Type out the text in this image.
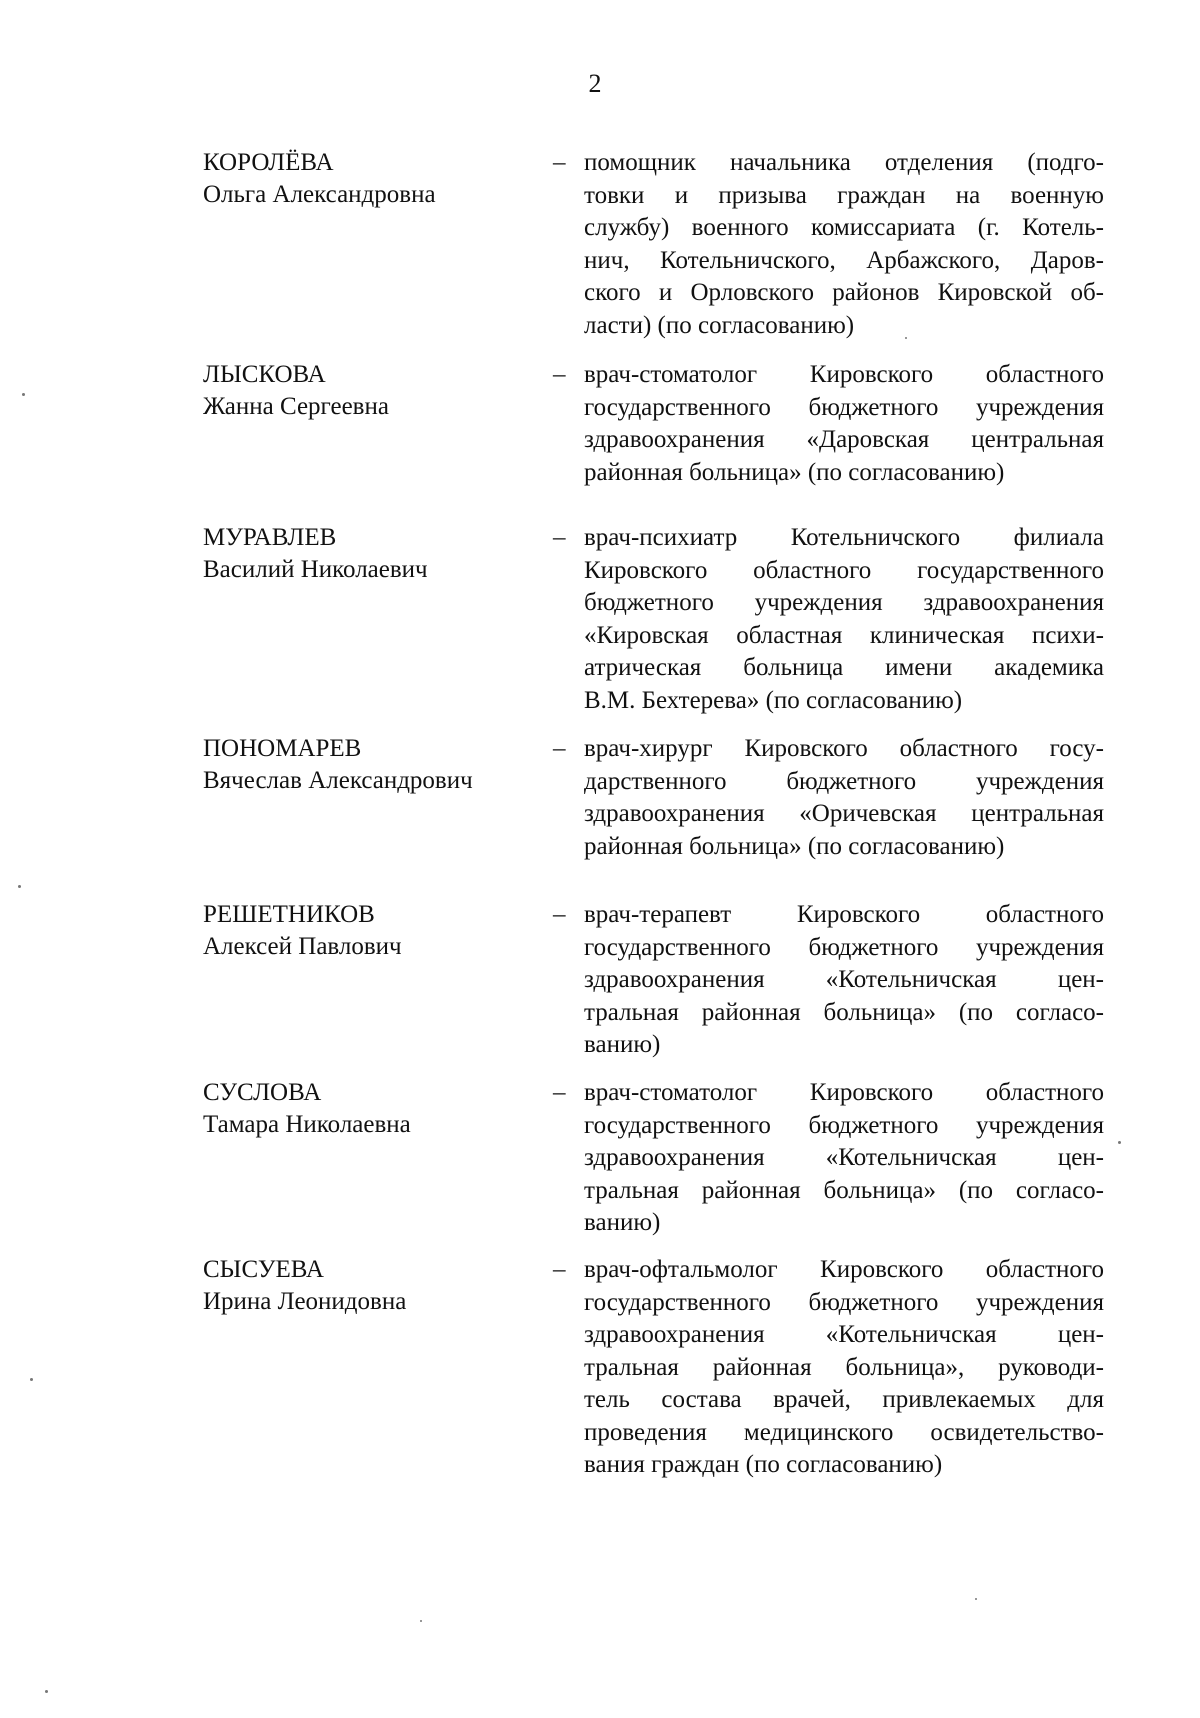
2
КОРОЛЁВА
Ольга Александровна
– помощник начальника отделения (подго-
товки и призыва граждан на военную
службу) военного комиссариата (г. Котель-
нич, Котельничского, Арбажского, Даров-
ского и Орловского районов Кировской об-
ласти) (по согласованию)
ЛЫСКОВА
Жанна Сергеевна
– врач-стоматолог Кировского областного
государственного бюджетного учреждения
здравоохранения «Даровская центральная
районная больница» (по согласованию)
МУРАВЛЕВ
Василий Николаевич
– врач-психиатр Котельничского филиала
Кировского областного государственного
бюджетного учреждения здравоохранения
«Кировская областная клиническая психи-
атрическая больница имени академика
В.М. Бехтерева» (по согласованию)
ПОНОМАРЕВ
Вячеслав Александрович
– врач-хирург Кировского областного госу-
дарственного бюджетного учреждения
здравоохранения «Оричевская центральная
районная больница» (по согласованию)
РЕШЕТНИКОВ
Алексей Павлович
– врач-терапевт Кировского областного
государственного бюджетного учреждения
здравоохранения «Котельничская цен-
тральная районная больница» (по согласо-
ванию)
СУСЛОВА
Тамара Николаевна
– врач-стоматолог Кировского областного
государственного бюджетного учреждения
здравоохранения «Котельничская цен-
тральная районная больница» (по согласо-
ванию)
СЫСУЕВА
Ирина Леонидовна
– врач-офтальмолог Кировского областного
государственного бюджетного учреждения
здравоохранения «Котельничская цен-
тральная районная больница», руководи-
тель состава врачей, привлекаемых для
проведения медицинского освидетельство-
вания граждан (по согласованию)
